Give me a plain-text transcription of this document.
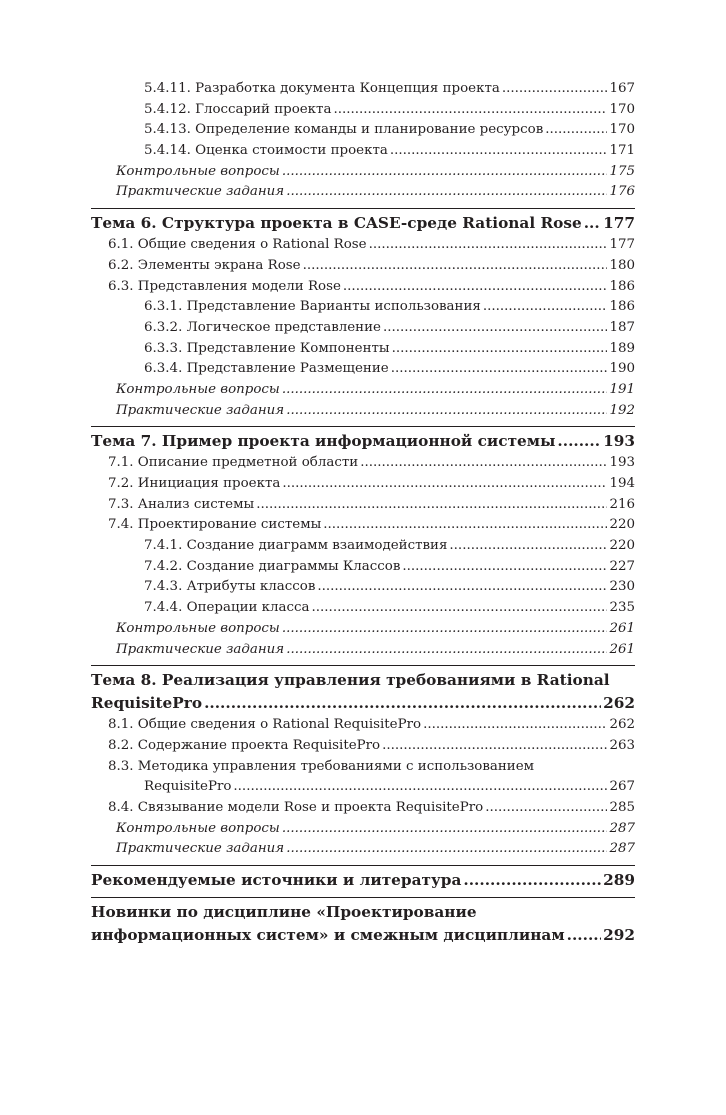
5.4.11. Разработка документа Концепция проекта .....	167
5.4.12. Глоссарий проекта .....	170
5.4.13. Определение команды и планирование ресурсов .....	170
5.4.14. Оценка стоимости проекта .....	171
Контрольные вопросы .....	175
Практические задания .....	176
Тема 6. Структура проекта в CASE-среде Rational Rose ..... 177
6.1. Общие сведения о Rational Rose .....	177
6.2. Элементы экрана Rose .....	180
6.3. Представления модели Rose .....	186
6.3.1. Представление Варианты использования .....	186
6.3.2. Логическое представление .....	187
6.3.3. Представление Компоненты .....	189
6.3.4. Представление Размещение .....	190
Контрольные вопросы .....	191
Практические задания .....	192
Тема 7. Пример проекта информационной системы .....	193
7.1. Описание предметной области .....	193
7.2. Инициация проекта .....	194
7.3. Анализ системы .....	216
7.4. Проектирование системы .....	220
7.4.1. Создание диаграмм взаимодействия .....	220
7.4.2. Создание диаграммы Классов .....	227
7.4.3. Атрибуты классов .....	230
7.4.4. Операции класса .....	235
Контрольные вопросы .....	261
Практические задания .....	261
Тема 8. Реализация управления требованиями в Rational
RequisitePro .....	262
8.1. Общие сведения о Rational RequisitePro .....	262
8.2. Содержание проекта RequisitePro .....	263
8.3. Методика управления требованиями с использованием
RequisitePro .....	267
8.4. Связывание модели Rose и проекта RequisitePro .....	285
Контрольные вопросы .....	287
Практические задания .....	287
Рекомендуемые источники и литература .....	289
Новинки по дисциплине «Проектирование
информационных систем» и смежным дисциплинам .....	292
